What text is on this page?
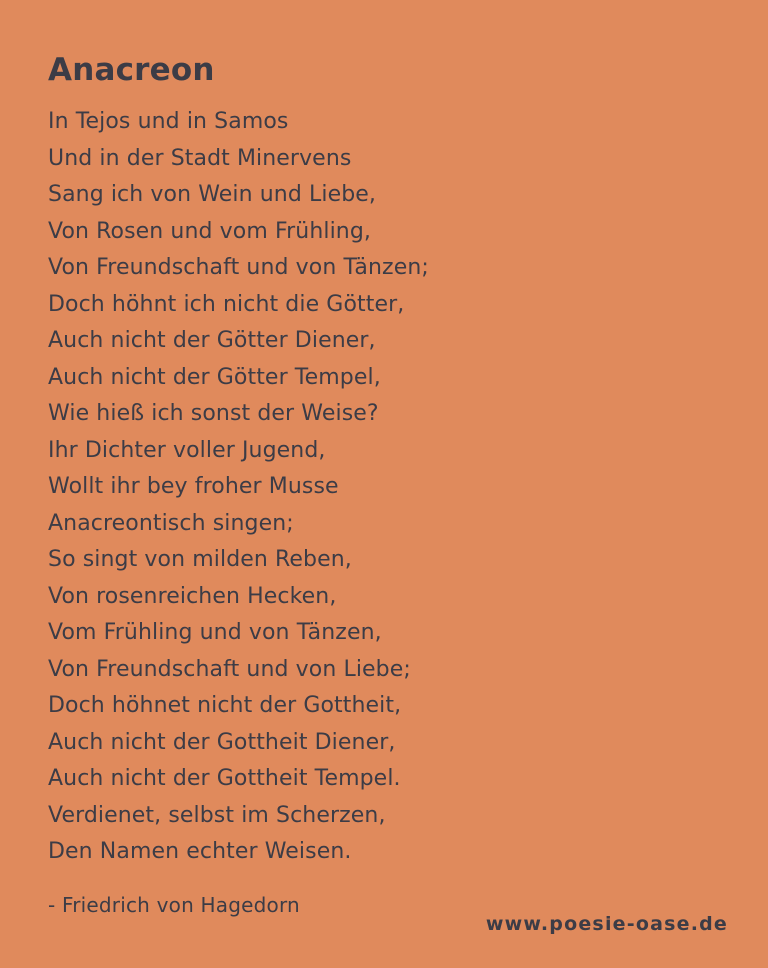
Anacreon
In Tejos und in Samos
Und in der Stadt Minervens
Sang ich von Wein und Liebe,
Von Rosen und vom Frühling,
Von Freundschaft und von Tänzen;
Doch höhnt ich nicht die Götter,
Auch nicht der Götter Diener,
Auch nicht der Götter Tempel,
Wie hieß ich sonst der Weise?
Ihr Dichter voller Jugend,
Wollt ihr bey froher Musse
Anacreontisch singen;
So singt von milden Reben,
Von rosenreichen Hecken,
Vom Frühling und von Tänzen,
Von Freundschaft und von Liebe;
Doch höhnet nicht der Gottheit,
Auch nicht der Gottheit Diener,
Auch nicht der Gottheit Tempel.
Verdienet, selbst im Scherzen,
Den Namen echter Weisen.
- Friedrich von Hagedorn
www.poesie-oase.de
